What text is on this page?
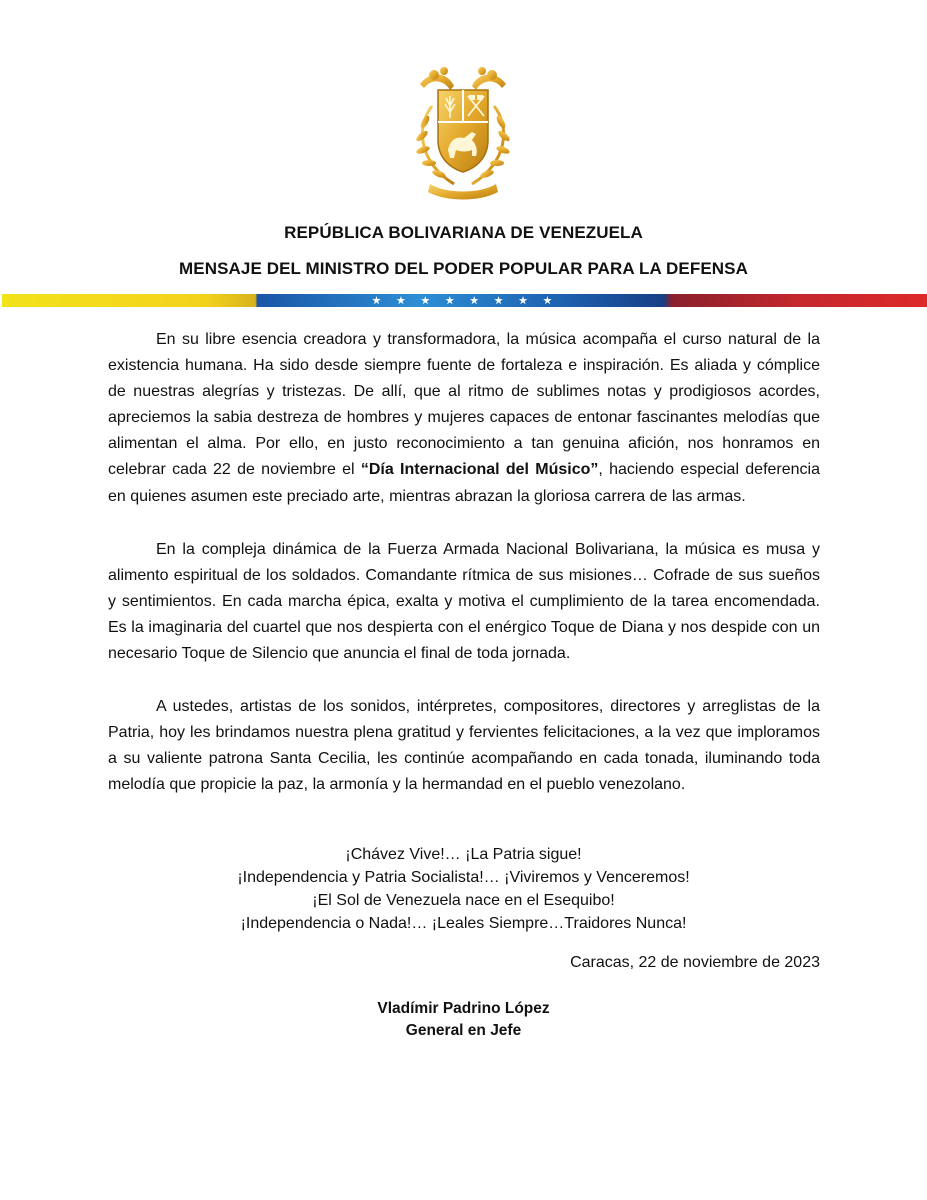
REPÚBLICA BOLIVARIANA DE VENEZUELA
MENSAJE DEL MINISTRO DEL PODER POPULAR PARA LA DEFENSA

En su libre esencia creadora y transformadora, la música acompaña el curso natural de la existencia humana. Ha sido desde siempre fuente de fortaleza e inspiración. Es aliada y cómplice de nuestras alegrías y tristezas. De allí, que al ritmo de sublimes notas y prodigiosos acordes, apreciemos la sabia destreza de hombres y mujeres capaces de entonar fascinantes melodías que alimentan el alma. Por ello, en justo reconocimiento a tan genuina afición, nos honramos en celebrar cada 22 de noviembre el “Día Internacional del Músico”, haciendo especial deferencia en quienes asumen este preciado arte, mientras abrazan la gloriosa carrera de las armas.

En la compleja dinámica de la Fuerza Armada Nacional Bolivariana, la música es musa y alimento espiritual de los soldados. Comandante rítmica de sus misiones… Cofrade de sus sueños y sentimientos. En cada marcha épica, exalta y motiva el cumplimiento de la tarea encomendada. Es la imaginaria del cuartel que nos despierta con el enérgico Toque de Diana y nos despide con un necesario Toque de Silencio que anuncia el final de toda jornada.

A ustedes, artistas de los sonidos, intérpretes, compositores, directores y arreglistas de la Patria, hoy les brindamos nuestra plena gratitud y fervientes felicitaciones, a la vez que imploramos a su valiente patrona Santa Cecilia, les continúe acompañando en cada tonada, iluminando toda melodía que propicie la paz, la armonía y la hermandad en el pueblo venezolano.

¡Chávez Vive!… ¡La Patria sigue!
¡Independencia y Patria Socialista!… ¡Viviremos y Venceremos!
¡El Sol de Venezuela nace en el Esequibo!
¡Independencia o Nada!… ¡Leales Siempre…Traidores Nunca!
Caracas, 22 de noviembre de 2023
Vladímir Padrino López
General en Jefe
